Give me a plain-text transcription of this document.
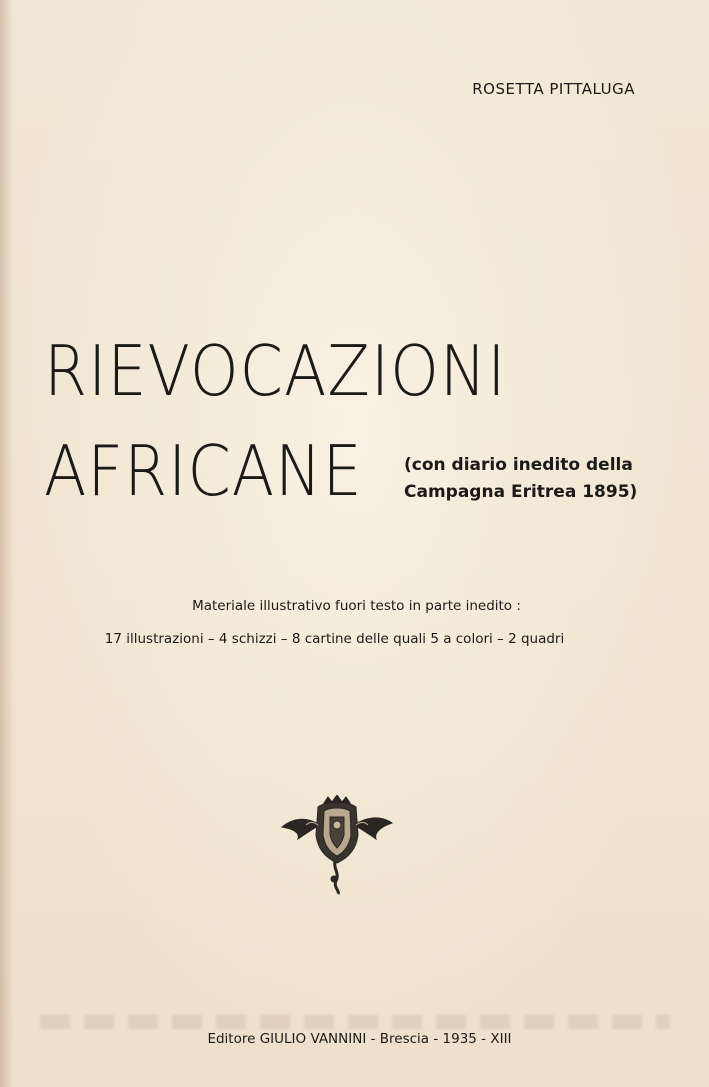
ROSETTA PITTALUGA
RIEVOCAZIONI
AFRICANE (con diario inedito della
Campagna Eritrea 1895)
Materiale illustrativo fuori testo in parte inedito :
17 illustrazioni – 4 schizzi – 8 cartine delle quali 5 a colori – 2 quadri
Editore GIULIO VANNINI - Brescia - 1935 - XIII
